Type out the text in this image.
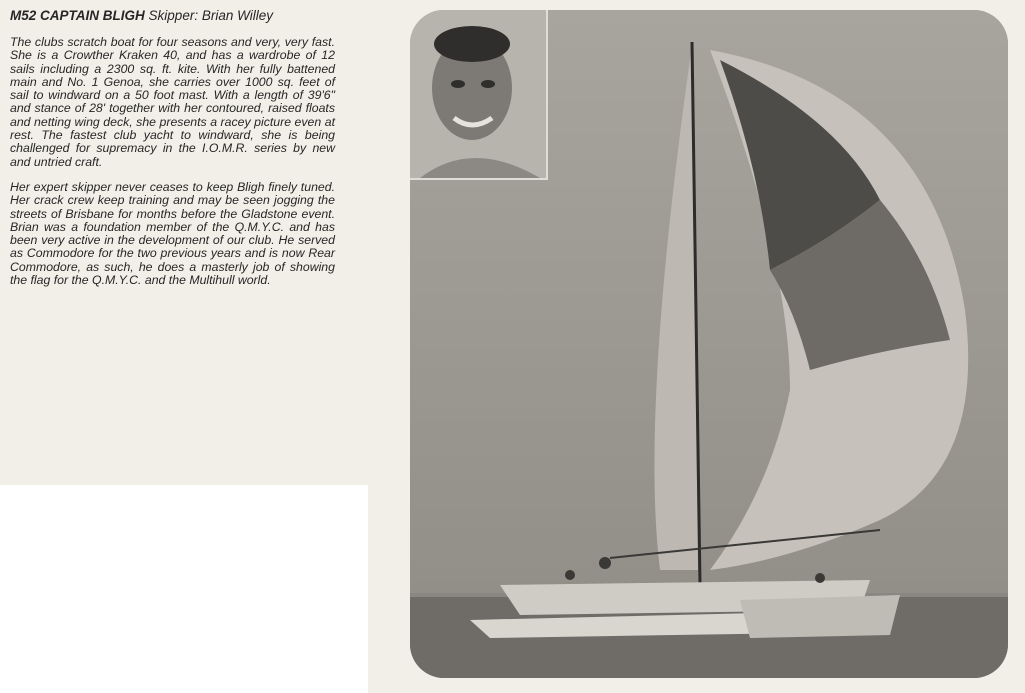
M52 CAPTAIN BLIGH Skipper: Brian Willey

The clubs scratch boat for four seasons and very, very fast. She is a Crowther Kraken 40, and has a wardrobe of 12 sails including a 2300 sq. ft. kite. With her fully battened main and No. 1 Genoa, she carries over 1000 sq. feet of sail to windward on a 50 foot mast. With a length of 39'6" and stance of 28' together with her contoured, raised floats and netting wing deck, she presents a racey picture even at rest. The fastest club yacht to windward, she is being challenged for supremacy in the I.O.M.R. series by new and untried craft.

Her expert skipper never ceases to keep Bligh finely tuned. Her crack crew keep training and may be seen jogging the streets of Brisbane for months before the Gladstone event. Brian was a foundation member of the Q.M.Y.C. and has been very active in the development of our club. He served as Commodore for the two previous years and is now Rear Commodore, as such, he does a masterly job of showing the flag for the Q.M.Y.C. and the Multihull world.
